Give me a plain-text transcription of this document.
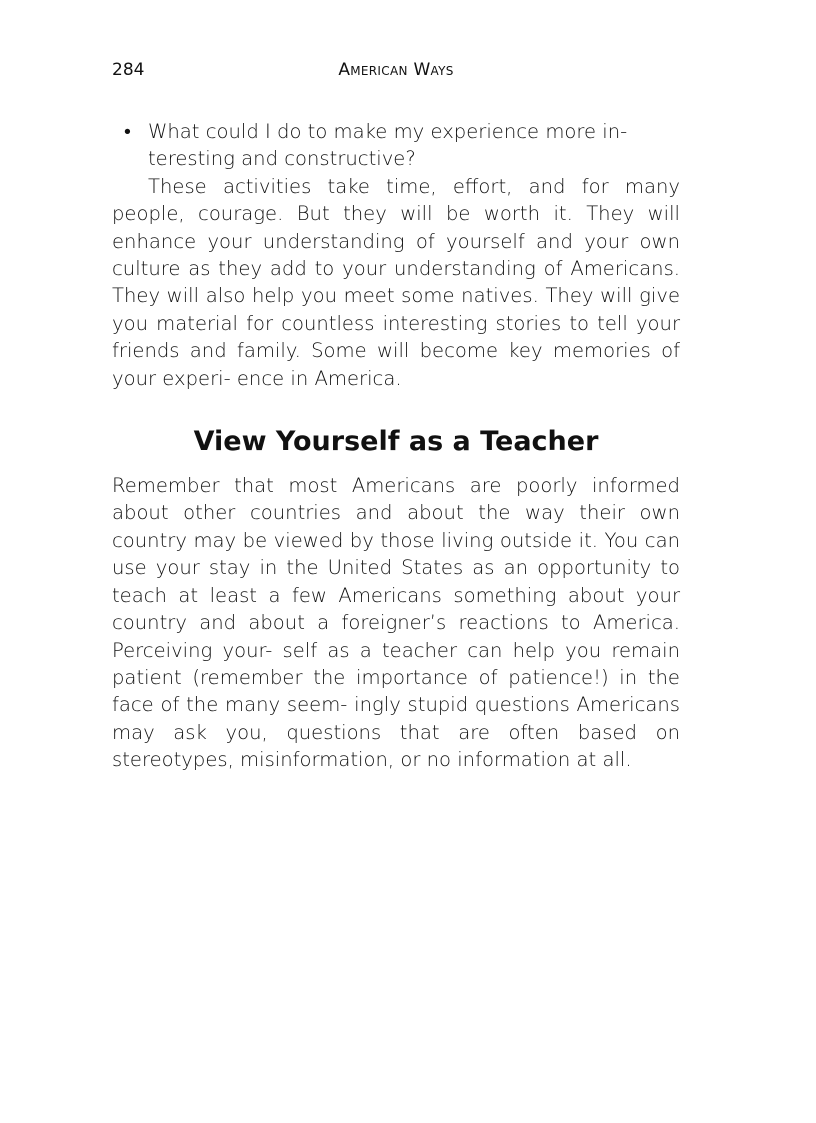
284	American Ways
• What could I do to make my experience more in- teresting and constructive?

These activities take time, effort, and for many people, courage. But they will be worth it. They will enhance your understanding of yourself and your own culture as they add to your understanding of Americans. They will also help you meet some natives. They will give you material for countless interesting stories to tell your friends and family. Some will become key memories of your experi- ence in America.

View Yourself as a Teacher

Remember that most Americans are poorly informed about other countries and about the way their own country may be viewed by those living outside it. You can use your stay in the United States as an opportunity to teach at least a few Americans something about your country and about a foreigner’s reactions to America. Perceiving your- self as a teacher can help you remain patient (remember the importance of patience!) in the face of the many seem- ingly stupid questions Americans may ask you, questions that are often based on stereotypes, misinformation, or no information at all.
